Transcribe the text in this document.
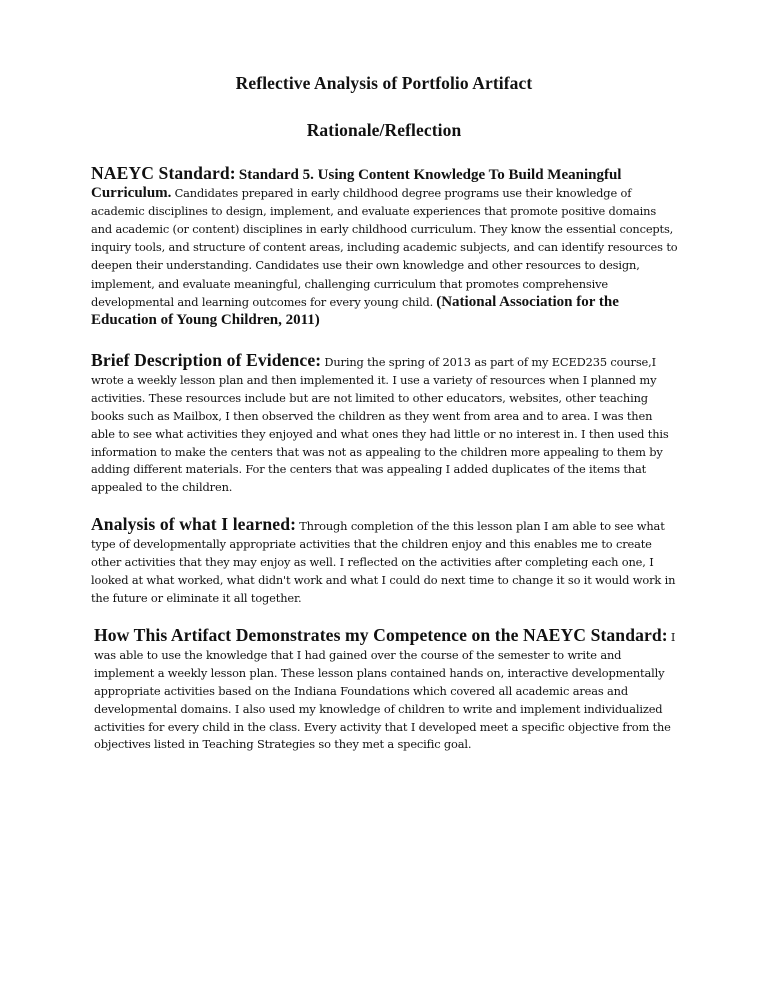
Reflective Analysis of Portfolio Artifact
Rationale/Reflection
NAEYC Standard: Standard 5. Using Content Knowledge To Build Meaningful Curriculum. Candidates prepared in early childhood degree programs use their knowledge of academic disciplines to design, implement, and evaluate experiences that promote positive domains and academic (or content) disciplines in early childhood curriculum. They know the essential concepts, inquiry tools, and structure of content areas, including academic subjects, and can identify resources to deepen their understanding. Candidates use their own knowledge and other resources to design, implement, and evaluate meaningful, challenging curriculum that promotes comprehensive developmental and learning outcomes for every young child. (National Association for the Education of Young Children, 2011)
Brief Description of Evidence: During the spring of 2013 as part of my ECED235 course,I wrote a weekly lesson plan and then implemented it. I use a variety of resources when I planned my activities. These resources include but are not limited to other educators, websites, other teaching books such as Mailbox, I then observed the children as they went from area and to area. I was then able to see what activities they enjoyed and what ones they had little or no interest in. I then used this information to make the centers that was not as appealing to the children more appealing to them by adding different materials. For the centers that was appealing I added duplicates of the items that appealed to the children.
Analysis of what I learned: Through completion of the this lesson plan I am able to see what type of developmentally appropriate activities that the children enjoy and this enables me to create other activities that they may enjoy as well. I reflected on the activities after completing each one, I looked at what worked, what didn't work and what I could do next time to change it so it would work in the future or eliminate it all together.
How This Artifact Demonstrates my Competence on the NAEYC Standard: I was able to use the knowledge that I had gained over the course of the semester to write and implement a weekly lesson plan. These lesson plans contained hands on, interactive developmentally appropriate activities based on the Indiana Foundations which covered all academic areas and developmental domains. I also used my knowledge of children to write and implement individualized activities for every child in the class. Every activity that I developed meet a specific objective from the objectives listed in Teaching Strategies so they met a specific goal.
